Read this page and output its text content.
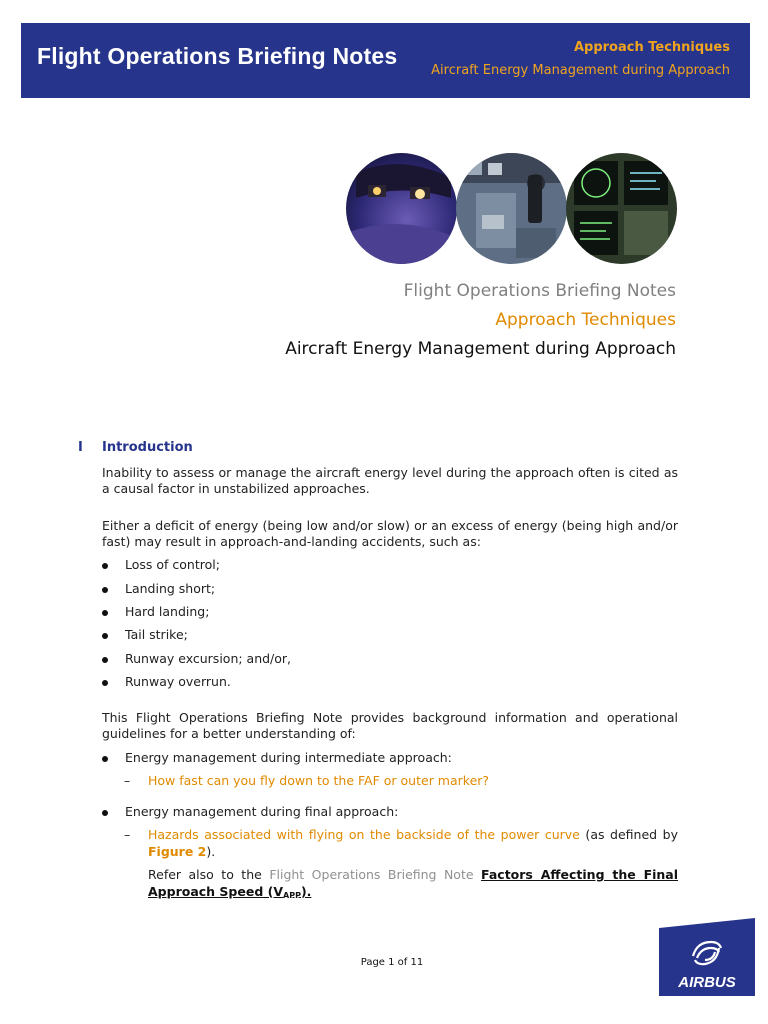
Flight Operations Briefing Notes	Approach Techniques
Aircraft Energy Management during Approach
Flight Operations Briefing Notes
Approach Techniques
Aircraft Energy Management during Approach
I Introduction
Inability to assess or manage the aircraft energy level during the approach often is cited as a causal factor in unstabilized approaches.
Either a deficit of energy (being low and/or slow) or an excess of energy (being high and/or fast) may result in approach-and-landing accidents, such as:
Loss of control;
Landing short;
Hard landing;
Tail strike;
Runway excursion; and/or,
Runway overrun.
This Flight Operations Briefing Note provides background information and operational guidelines for a better understanding of:
Energy management during intermediate approach:
– How fast can you fly down to the FAF or outer marker?
Energy management during final approach:
– Hazards associated with flying on the backside of the power curve (as defined by Figure 2).
Refer also to the Flight Operations Briefing Note Factors Affecting the Final Approach Speed $(V_{APP})$.
Page 1 of 11
AIRBUS
